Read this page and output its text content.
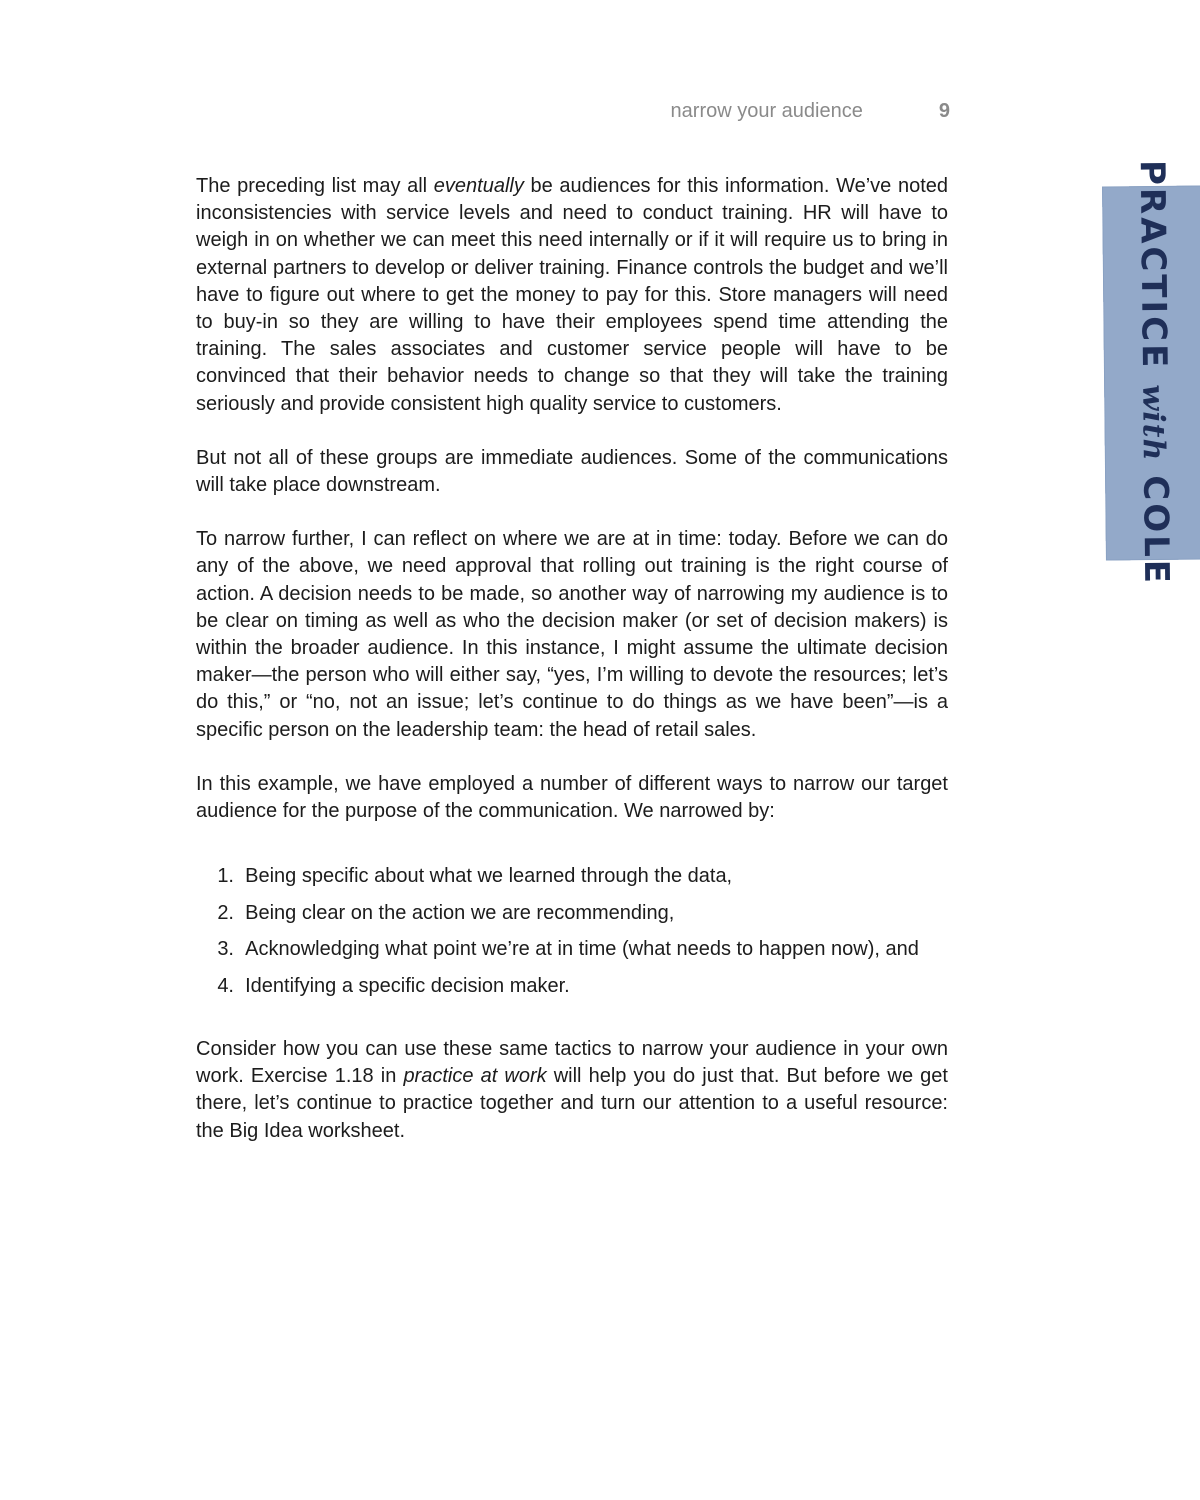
narrow your audience	9
PRACTICEwithCOLE

The preceding list may all eventually be audiences for this information. We’ve noted inconsistencies with service levels and need to conduct training. HR will have to weigh in on whether we can meet this need internally or if it will require us to bring in external partners to develop or deliver training. Finance controls the budget and we’ll have to figure out where to get the money to pay for this. Store managers will need to buy-in so they are willing to have their employees spend time attending the training. The sales associates and customer service people will have to be convinced that their behavior needs to change so that they will take the training seriously and provide consistent high quality service to customers.

But not all of these groups are immediate audiences. Some of the communications will take place downstream.

To narrow further, I can reflect on where we are at in time: today. Before we can do any of the above, we need approval that rolling out training is the right course of action. A decision needs to be made, so another way of narrowing my audience is to be clear on timing as well as who the decision maker (or set of decision makers) is within the broader audience. In this instance, I might assume the ultimate decision maker—the person who will either say, “yes, I’m willing to devote the resources; let’s do this,” or “no, not an issue; let’s continue to do things as we have been”—is a specific person on the leadership team: the head of retail sales.

In this example, we have employed a number of different ways to narrow our target audience for the purpose of the communication. We narrowed by:

1.
Being specific about what we learned through the data,
2.
Being clear on the action we are recommending,
3.
Acknowledging what point we’re at in time (what needs to happen now), and
4.
Identifying a specific decision maker.

Consider how you can use these same tactics to narrow your audience in your own work. Exercise 1.18 in practice at work will help you do just that. But before we get there, let’s continue to practice together and turn our attention to a useful resource: the Big Idea worksheet.
